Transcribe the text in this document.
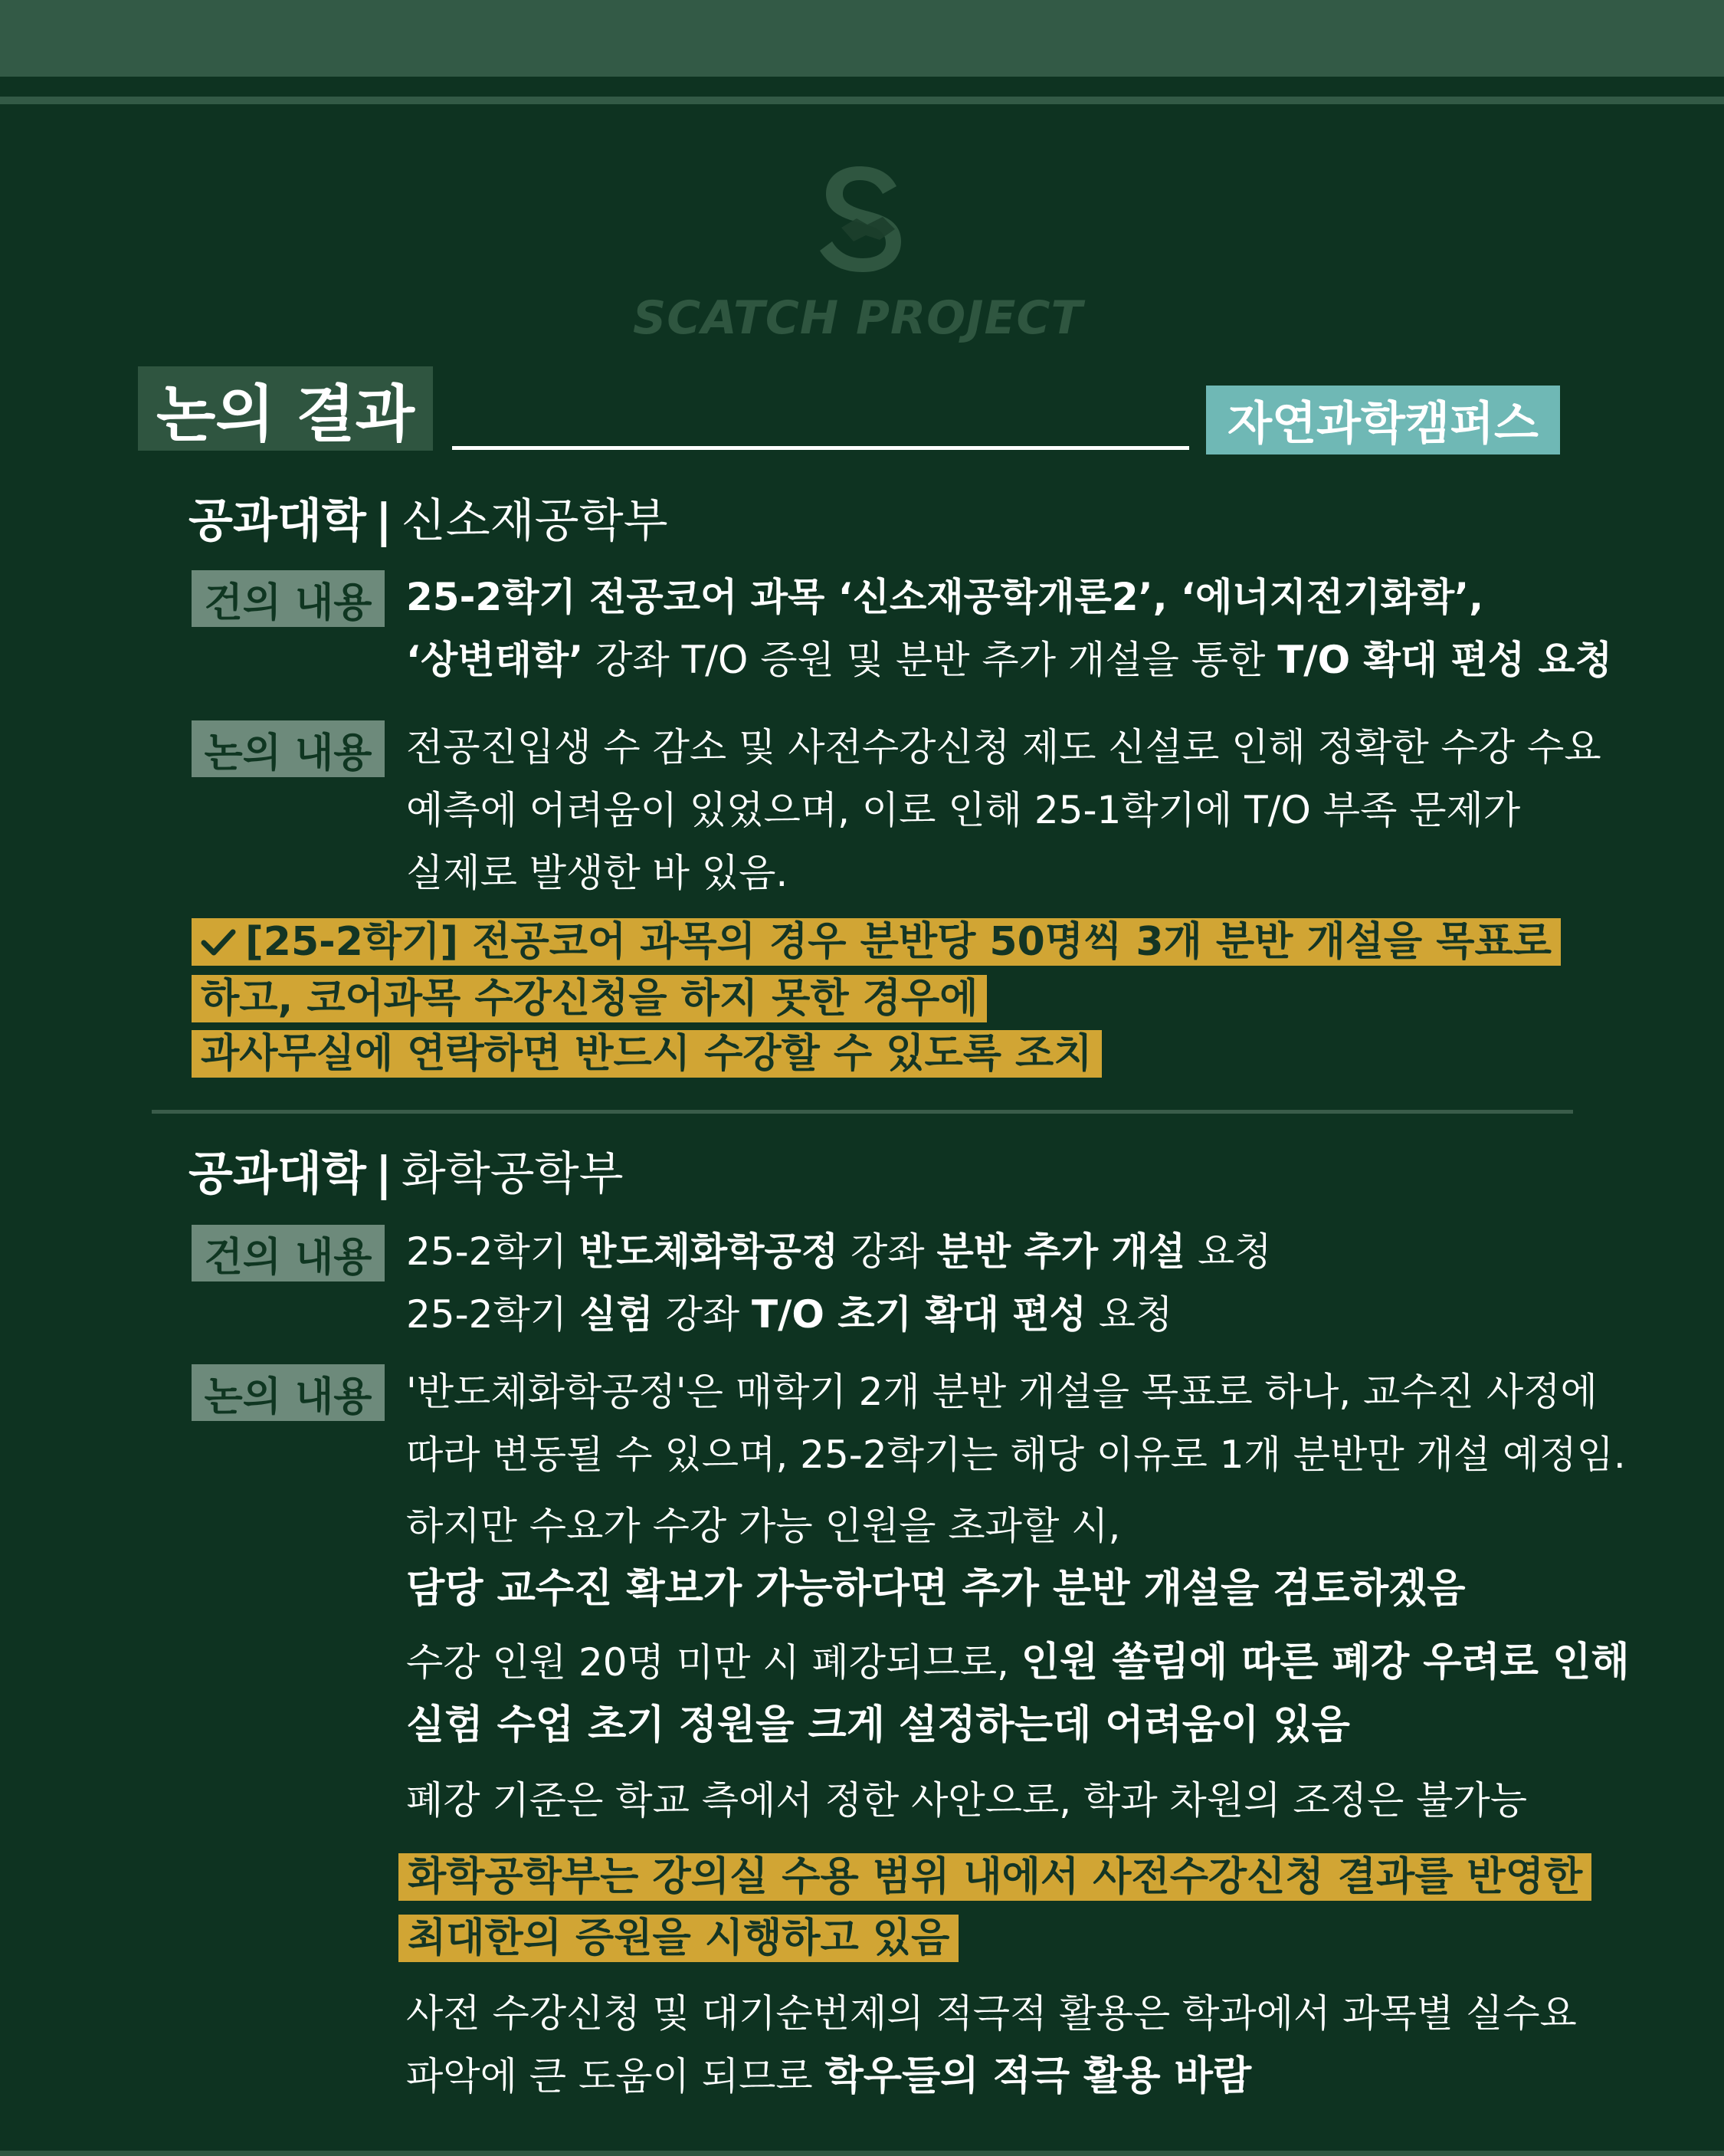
SCATCH PROJECT
논의 결과	자연과학캠퍼스
공과대학 | 신소재공학부
건의 내용 25-2학기 전공코어 과목 ‘신소재공학개론2’, ‘에너지전기화학’,
‘상변태학’ 강좌 T/O 증원 및 분반 추가 개설을 통한 T/O 확대 편성 요청
논의 내용 전공진입생 수 감소 및 사전수강신청 제도 신설로 인해 정확한 수강 수요
예측에 어려움이 있었으며, 이로 인해 25-1학기에 T/O 부족 문제가
실제로 발생한 바 있음.
[25-2학기] 전공코어 과목의 경우 분반당 50명씩 3개 분반 개설을 목표로
하고, 코어과목 수강신청을 하지 못한 경우에
과사무실에 연락하면 반드시 수강할 수 있도록 조치
공과대학 | 화학공학부
건의 내용 25-2학기 반도체화학공정 강좌 분반 추가 개설 요청
25-2학기 실험 강좌 T/O 초기 확대 편성 요청
논의 내용 '반도체화학공정'은 매학기 2개 분반 개설을 목표로 하나, 교수진 사정에
따라 변동될 수 있으며, 25-2학기는 해당 이유로 1개 분반만 개설 예정임.
하지만 수요가 수강 가능 인원을 초과할 시,
담당 교수진 확보가 가능하다면 추가 분반 개설을 검토하겠음
수강 인원 20명 미만 시 폐강되므로, 인원 쏠림에 따른 폐강 우려로 인해
실험 수업 초기 정원을 크게 설정하는데 어려움이 있음
폐강 기준은 학교 측에서 정한 사안으로, 학과 차원의 조정은 불가능
화학공학부는 강의실 수용 범위 내에서 사전수강신청 결과를 반영한
최대한의 증원을 시행하고 있음
사전 수강신청 및 대기순번제의 적극적 활용은 학과에서 과목별 실수요
파악에 큰 도움이 되므로 학우들의 적극 활용 바람
